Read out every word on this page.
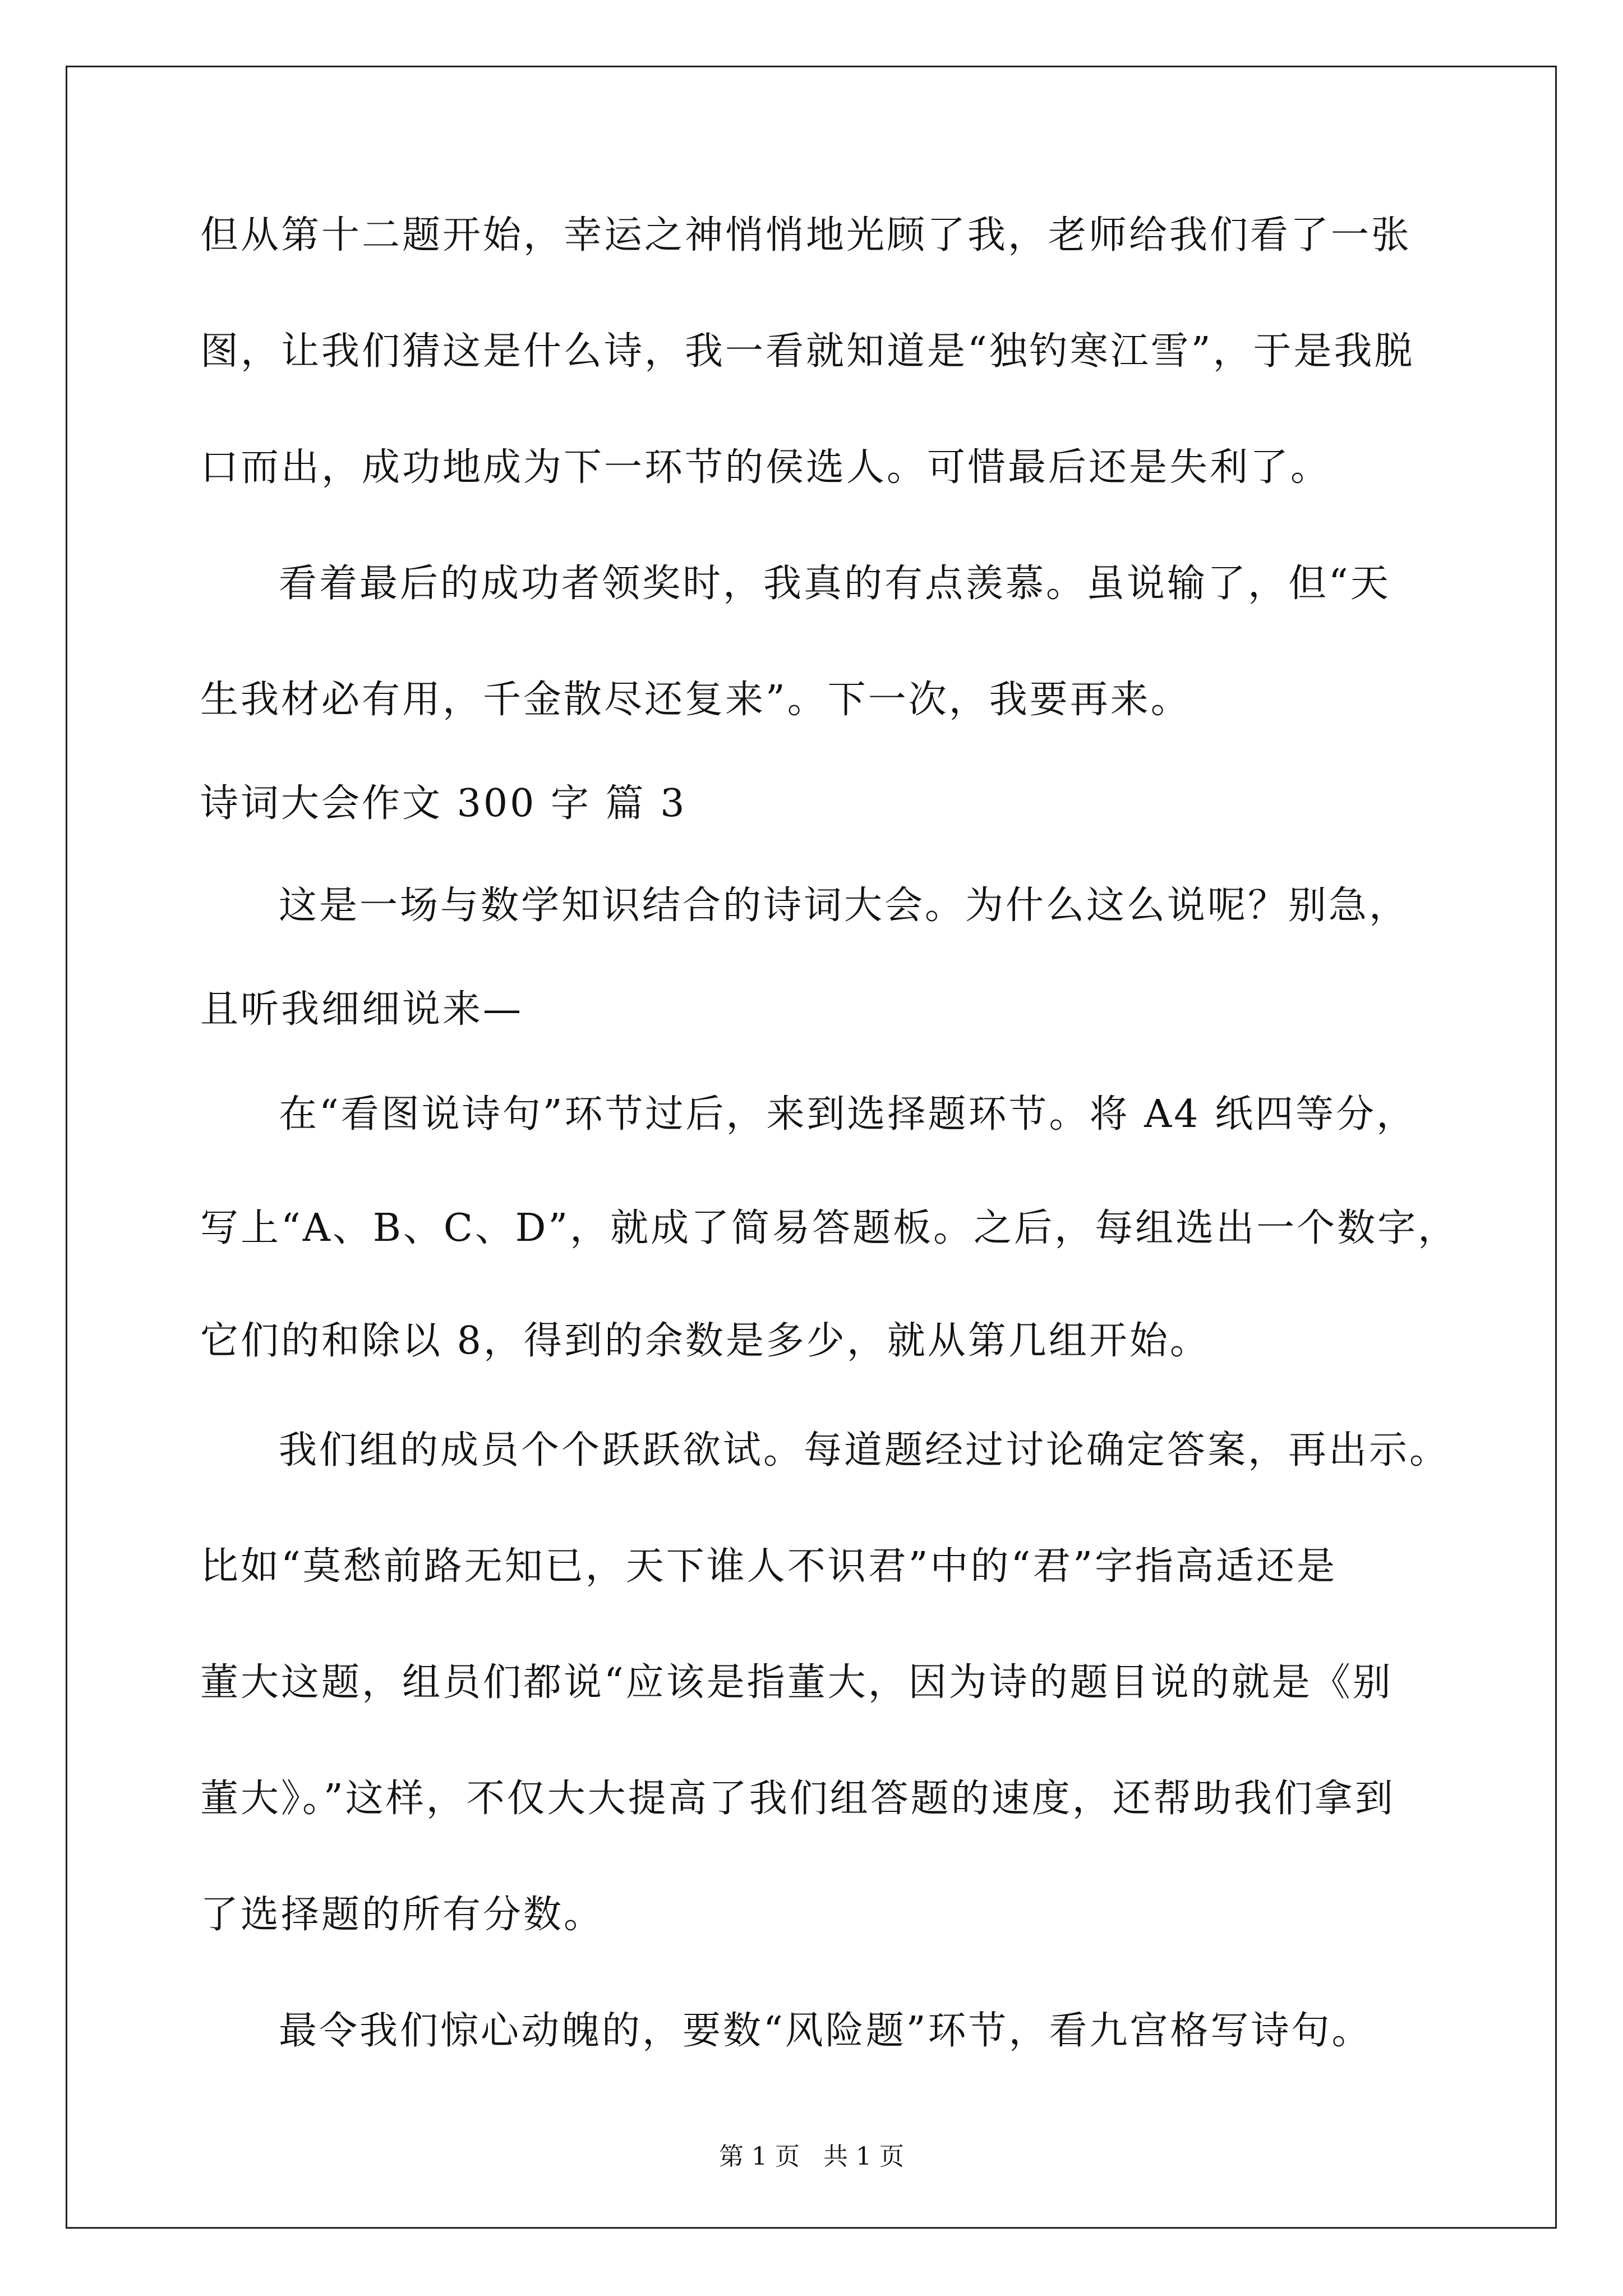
但从第十二题开始，幸运之神悄悄地光顾了我，老师给我们看了一张
图，让我们猜这是什么诗，我一看就知道是“独钓寒江雪”，于是我脱
口而出，成功地成为下一环节的侯选人。可惜最后还是失利了。
看着最后的成功者领奖时，我真的有点羡慕。虽说输了，但“天
生我材必有用，千金散尽还复来”。下一次，我要再来。
诗词大会作文 300 字 篇 3
这是一场与数学知识结合的诗词大会。为什么这么说呢？别急，
且听我细细说来—
在“看图说诗句”环节过后，来到选择题环节。将 A4 纸四等分，
写上“A、B、C、D”，就成了简易答题板。之后，每组选出一个数字，
它们的和除以 8，得到的余数是多少，就从第几组开始。
我们组的成员个个跃跃欲试。每道题经过讨论确定答案，再出示。
比如“莫愁前路无知已，天下谁人不识君”中的“君”字指高适还是
董大这题，组员们都说“应该是指董大，因为诗的题目说的就是《别
董大》。”这样，不仅大大提高了我们组答题的速度，还帮助我们拿到
了选择题的所有分数。
最令我们惊心动魄的，要数“风险题”环节，看九宫格写诗句。
第 1 页   共 1 页
